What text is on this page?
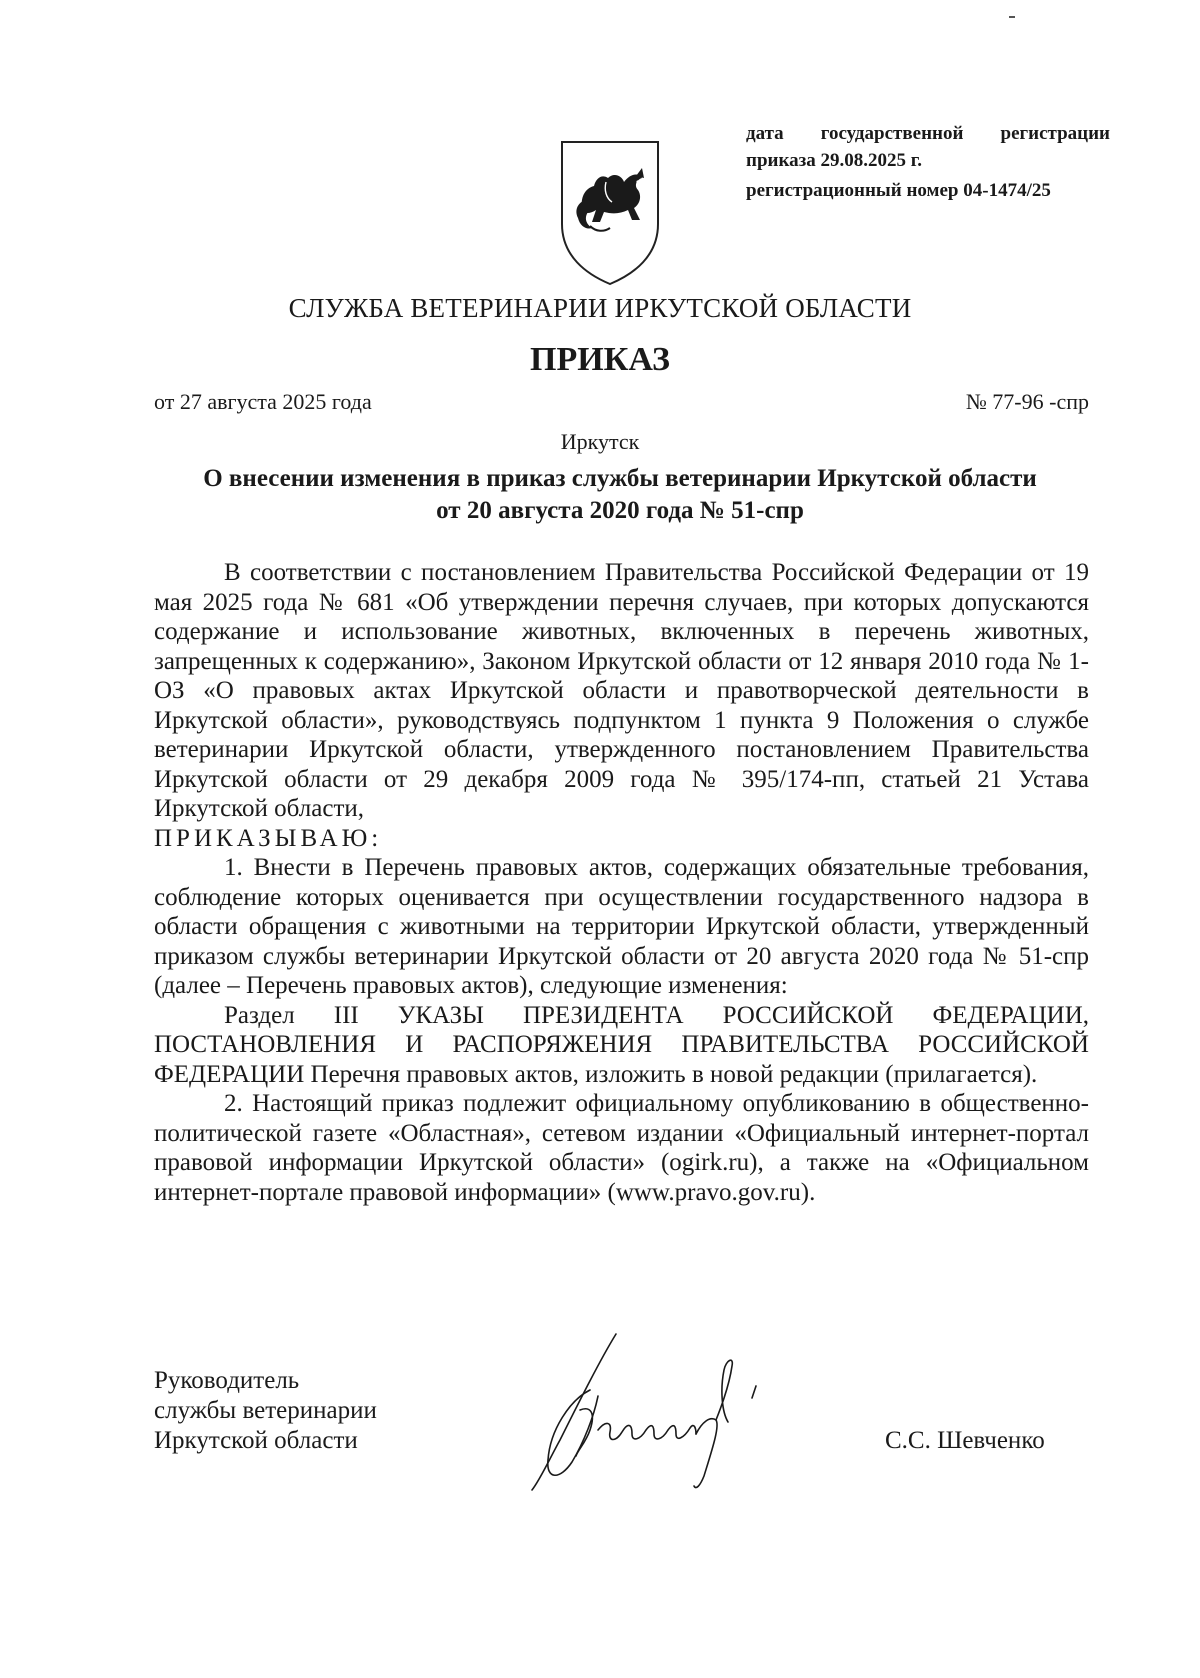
дата государственной регистрации
приказа 29.08.2025 г.
регистрационный номер 04-1474/25
СЛУЖБА ВЕТЕРИНАРИИ ИРКУТСКОЙ ОБЛАСТИ
ПРИКАЗ
от 27 августа 2025 года	№ 77-96 -спр
Иркутск
О внесении изменения в приказ службы ветеринарии Иркутской области
от 20 августа 2020 года № 51-спр

В соответствии с постановлением Правительства Российской Федерации от 19 мая 2025 года № 681 «Об утверждении перечня случаев, при которых допускаются содержание и использование животных, включенных в перечень животных, запрещенных к содержанию», Законом Иркутской области от 12 января 2010 года № 1-ОЗ «О правовых актах Иркутской области и правотворческой деятельности в Иркутской области», руководствуясь подпунктом 1 пункта 9 Положения о службе ветеринарии Иркутской области, утвержденного постановлением Правительства Иркутской области от 29 декабря 2009 года № 395/174-пп, статьей 21 Устава Иркутской области,

ПРИКАЗЫВАЮ:

1. Внести в Перечень правовых актов, содержащих обязательные требования, соблюдение которых оценивается при осуществлении государственного надзора в области обращения с животными на территории Иркутской области, утвержденный приказом службы ветеринарии Иркутской области от 20 августа 2020 года № 51-спр (далее – Перечень правовых актов), следующие изменения:

Раздел III УКАЗЫ ПРЕЗИДЕНТА РОССИЙСКОЙ ФЕДЕРАЦИИ, ПОСТАНОВЛЕНИЯ И РАСПОРЯЖЕНИЯ ПРАВИТЕЛЬСТВА РОССИЙСКОЙ ФЕДЕРАЦИИ Перечня правовых актов, изложить в новой редакции (прилагается).

2. Настоящий приказ подлежит официальному опубликованию в общественно-политической газете «Областная», сетевом издании «Официальный интернет-портал правовой информации Иркутской области» (ogirk.ru), а также на «Официальном интернет-портале правовой информации» (www.pravo.gov.ru).

Руководитель
службы ветеринарии
Иркутской области	С.С. Шевченко
